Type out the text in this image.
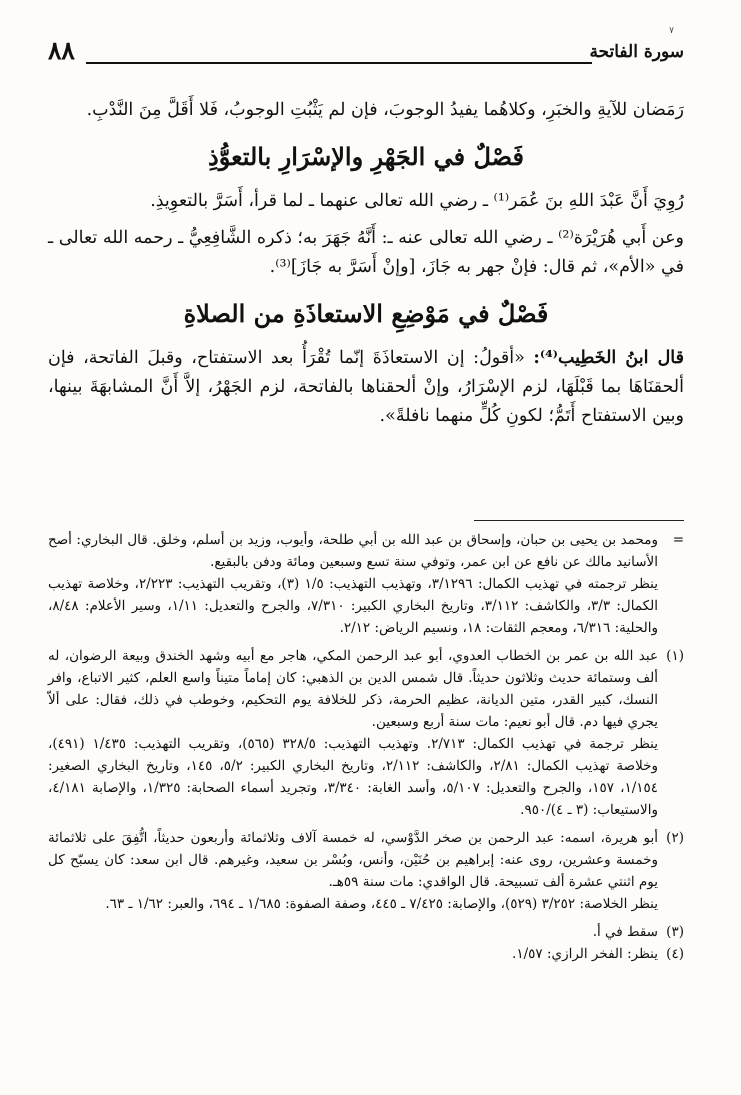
٨٨
٧
سورة الفاتحة

رَمَضان للآيةِ والخبَرِ، وكلاهُما يفيدُ الوجوبَ، فإن لم يَثْبُتِ الوجوبُ، فَلا أَقَلَّ مِنَ النَّدْبِ.

فَصْلٌ في الجَهْرِ والإسْرَارِ بالتعوُّذِ

رُوِيَ أَنَّ عَبْدَ اللهِ بنَ عُمَر⁽¹⁾ ـ رضي الله تعالى عنهما ـ لما قرأ، أَسَرَّ بالتعوِيذِ.

وعن أَبي هُرَيْرَة⁽²⁾ ـ رضي الله تعالى عنه ـ: أَنَّهُ جَهَرَ به؛ ذكره الشَّافِعِيُّ ـ رحمه الله تعالى ـ في «الأم»، ثم قال: فإنْ جهر به جَازَ، [وإنْ أَسَرَّ به جَازَ]⁽³⁾.

فَصْلٌ في مَوْضِعِ الاستعاذَةِ من الصلاةِ

قال ابنُ الخَطِيب⁽⁴⁾: «أقولُ: إن الاستعاذَةَ إنّما تُقْرَأُ بعد الاستفتاح، وقبلَ الفاتحة، فإن ألحقنَاهَا بما قَبْلَهَا، لزم الإسْرَارُ، وإنْ ألحقناها بالفاتحة، لزم الجَهْرُ، إلاَّ أَنَّ المشابهَةَ بينها، وبين الاستفتاح أَتَمُّ؛ لكونِ كُلٍّ منهما نافلةً».

=

ومحمد بن يحيى بن حبان، وإسحاق بن عبد الله بن أبي طلحة، وأيوب، وزيد بن أسلم، وخلق. قال البخاري: أصح الأسانيد مالك عن نافع عن ابن عمر، وتوفي سنة تسع وسبعين ومائة ودفن بالبقيع.

ينظر ترجمته في تهذيب الكمال: ٣/١٢٩٦، وتهذيب التهذيب: ١/٥ (٣)، وتقريب التهذيب: ٢/٢٢٣، وخلاصة تهذيب الكمال: ٣/٣، والكاشف: ٣/١١٢، وتاريخ البخاري الكبير: ٧/٣١٠، والجرح والتعديل: ١/١١، وسير الأعلام: ٨/٤٨، والحلية: ٦/٣١٦، ومعجم الثقات: ١٨، ونسيم الرياض: ٢/١٢.

(١)

عبد الله بن عمر بن الخطاب العدوي، أبو عبد الرحمن المكي، هاجر مع أبيه وشهد الخندق وبيعة الرضوان، له ألف وستمائة حديث وثلاثون حديثاً. قال شمس الدين بن الذهبي: كان إماماً متيناً واسع العلم، كثير الاتباع، وافر النسك، كبير القدر، متين الديانة، عظيم الحرمة، ذكر للخلافة يوم التحكيم، وخوطب في ذلك، فقال: على ألاّ يجري فيها دم. قال أبو نعيم: مات سنة أربع وسبعين.

ينظر ترجمة في تهذيب الكمال: ٢/٧١٣. وتهذيب التهذيب: ٣٢٨/٥ (٥٦٥)، وتقريب التهذيب: ١/٤٣٥ (٤٩١)، وخلاصة تهذيب الكمال: ٢/٨١، والكاشف: ٢/١١٢، وتاريخ البخاري الكبير: ٥/٢، ١٤٥، وتاريخ البخاري الصغير: ١/١٥٤، ١٥٧، والجرح والتعديل: ٥/١٠٧، وأسد الغابة: ٣/٣٤٠، وتجريد أسماء الصحابة: ١/٣٢٥، والإصابة ٤/١٨١، والاستيعاب: (٣ ـ ٤)/٩٥٠.

(٢)

أبو هريرة، اسمه: عبد الرحمن بن صخر الدَّوْسي، له خمسة آلاف وثلاثمائة وأربعون حديثاً، اتُّفِقَ على ثلاثمائة وخمسة وعشرين، روى عنه: إبراهيم بن حُنَيْن، وأنس، وبُسْر بن سعيد، وغيرهم. قال ابن سعد: كان يسبّح كل يوم اثنتي عشرة ألف تسبيحة. قال الواقدي: مات سنة ٥٩هـ.

ينظر الخلاصة: ٣/٢٥٢ (٥٢٩)، والإصابة: ٧/٤٢٥ ـ ٤٤٥، وصفة الصفوة: ١/٦٨٥ ـ ٦٩٤، والعبر: ١/٦٢ ـ ٦٣.

(٣)

سقط في أ.

(٤)

ينظر: الفخر الرازي: ١/٥٧.
